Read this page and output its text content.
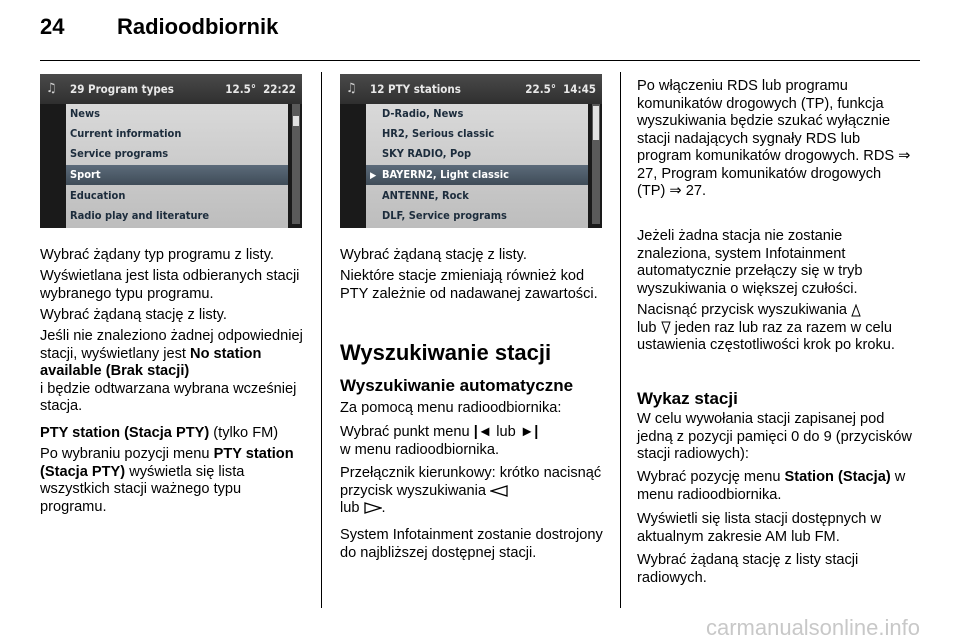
24 Radioodbiornik
♫ 29 Program types	12.5° 22:22
News
Current information
Service programs
Sport
Education
Radio play and literature
♫ 12 PTY stations	22.5° 14:45
D-Radio, News
HR2, Serious classic
SKY RADIO, Pop
▶ BAYERN2, Light classic
ANTENNE, Rock
DLF, Service programs

Wybrać żądany typ programu z listy.

Wyświetlana jest lista odbieranych stacji wybranego typu programu.

Wybrać żądaną stację z listy.

Jeśli nie znaleziono żadnej odpowiedniej stacji, wyświetlany jest No station available (Brak stacji)
i będzie odtwarzana wybrana wcześniej stacja.

PTY station (Stacja PTY) (tylko FM)

Po wybraniu pozycji menu PTY station (Stacja PTY) wyświetla się lista wszystkich stacji ważnego typu programu.

Wybrać żądaną stację z listy.

Niektóre stacje zmieniają również kod PTY zależnie od nadawanej zawartości.

Wyszukiwanie stacji
Wyszukiwanie automatyczne

Za pomocą menu radioodbiornika:

Wybrać punkt menu |◄ lub ►|
w menu radioodbiornika.

Przełącznik kierunkowy: krótko nacisnąć przycisk wyszukiwania
lub .

System Infotainment zostanie dostrojony do najbliższej dostępnej stacji.

Po włączeniu RDS lub programu komunikatów drogowych (TP), funkcja wyszukiwania będzie szukać wyłącznie stacji nadających sygnały RDS lub program komunikatów drogowych. RDS ⇒ 27, Program komunikatów drogowych (TP) ⇒ 27.

Jeżeli żadna stacja nie zostanie znaleziona, system Infotainment automatycznie przełączy się w tryb wyszukiwania o większej czułości.

Nacisnąć przycisk wyszukiwania
lub jeden raz lub raz za razem w celu ustawienia częstotliwości krok po kroku.

Wykaz stacji

W celu wywołania stacji zapisanej pod jedną z pozycji pamięci 0 do 9 (przycisków stacji radiowych):

Wybrać pozycję menu Station (Stacja) w menu radioodbiornika.

Wyświetli się lista stacji dostępnych w aktualnym zakresie AM lub FM.

Wybrać żądaną stację z listy stacji radiowych.

carmanualsonline.info
